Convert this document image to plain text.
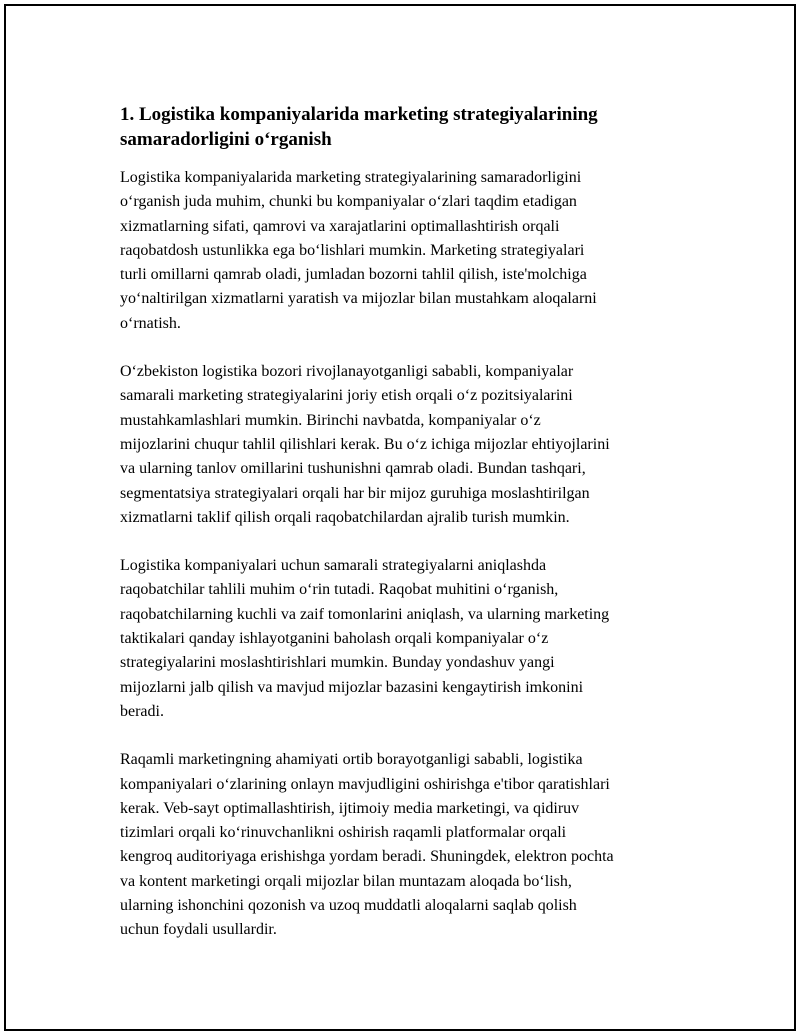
1. Logistika kompaniyalarida marketing strategiyalarining
samaradorligini o‘rganish

Logistika kompaniyalarida marketing strategiyalarining samaradorligini
o‘rganish juda muhim, chunki bu kompaniyalar o‘zlari taqdim etadigan
xizmatlarning sifati, qamrovi va xarajatlarini optimallashtirish orqali
raqobatdosh ustunlikka ega bo‘lishlari mumkin. Marketing strategiyalari
turli omillarni qamrab oladi, jumladan bozorni tahlil qilish, iste'molchiga
yo‘naltirilgan xizmatlarni yaratish va mijozlar bilan mustahkam aloqalarni
o‘rnatish.

O‘zbekiston logistika bozori rivojlanayotganligi sababli, kompaniyalar
samarali marketing strategiyalarini joriy etish orqali o‘z pozitsiyalarini
mustahkamlashlari mumkin. Birinchi navbatda, kompaniyalar o‘z
mijozlarini chuqur tahlil qilishlari kerak. Bu o‘z ichiga mijozlar ehtiyojlarini
va ularning tanlov omillarini tushunishni qamrab oladi. Bundan tashqari,
segmentatsiya strategiyalari orqali har bir mijoz guruhiga moslashtirilgan
xizmatlarni taklif qilish orqali raqobatchilardan ajralib turish mumkin.

Logistika kompaniyalari uchun samarali strategiyalarni aniqlashda
raqobatchilar tahlili muhim o‘rin tutadi. Raqobat muhitini o‘rganish,
raqobatchilarning kuchli va zaif tomonlarini aniqlash, va ularning marketing
taktikalari qanday ishlayotganini baholash orqali kompaniyalar o‘z
strategiyalarini moslashtirishlari mumkin. Bunday yondashuv yangi
mijozlarni jalb qilish va mavjud mijozlar bazasini kengaytirish imkonini
beradi.

Raqamli marketingning ahamiyati ortib borayotganligi sababli, logistika
kompaniyalari o‘zlarining onlayn mavjudligini oshirishga e'tibor qaratishlari
kerak. Veb-sayt optimallashtirish, ijtimoiy media marketingi, va qidiruv
tizimlari orqali ko‘rinuvchanlikni oshirish raqamli platformalar orqali
kengroq auditoriyaga erishishga yordam beradi. Shuningdek, elektron pochta
va kontent marketingi orqali mijozlar bilan muntazam aloqada bo‘lish,
ularning ishonchini qozonish va uzoq muddatli aloqalarni saqlab qolish
uchun foydali usullardir.
